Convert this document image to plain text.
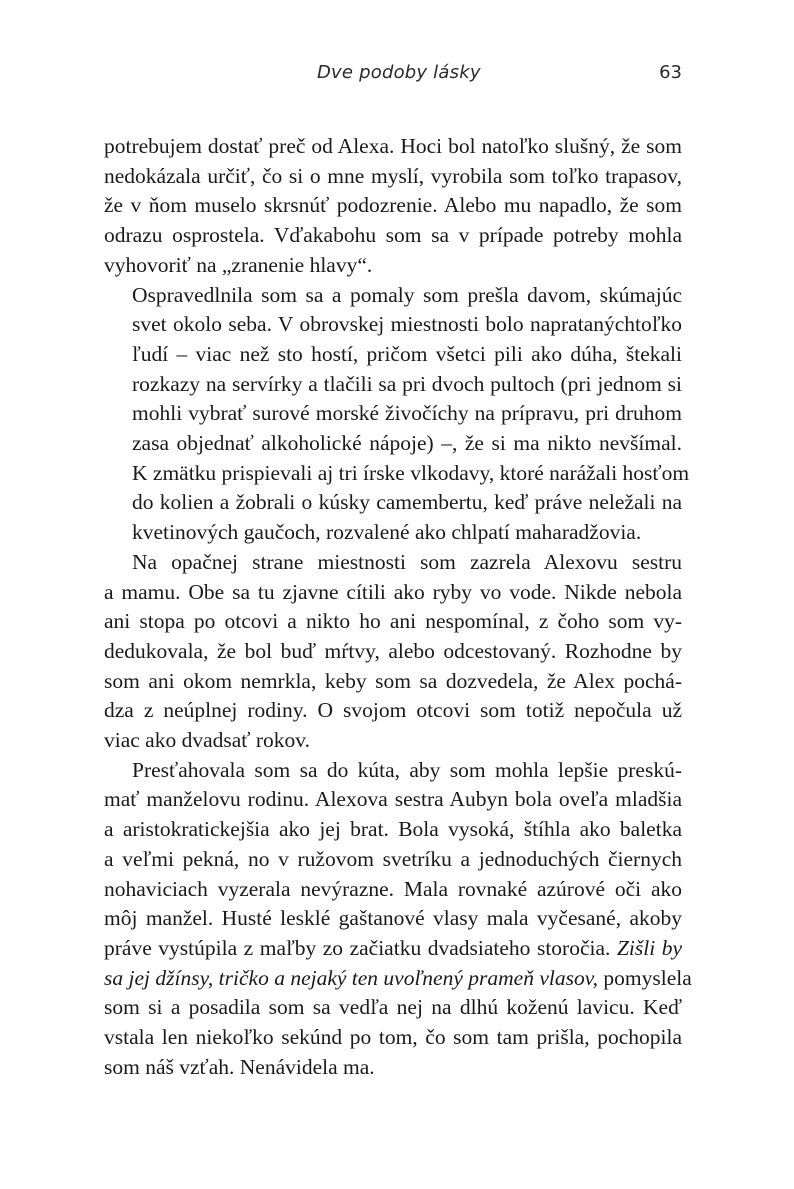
Dve podoby lásky	63

potrebujem dostať preč od Alexa. Hoci bol natoľko slušný, že som
nedokázala určiť, čo si o mne myslí, vyrobila som toľko trapasov,
že v ňom muselo skrsnúť podozrenie. Alebo mu napadlo, že som
odrazu osprostela. Vďakabohu som sa v prípade potreby mohla
vyhovoriť na „zranenie hlavy“.

Ospravedlnila som sa a pomaly som prešla davom, skúmajúc
svet okolo seba. V obrovskej miestnosti bolo napratanýchtoľko
ľudí – viac než sto hostí, pričom všetci pili ako dúha, štekali
rozkazy na servírky a tlačili sa pri dvoch pultoch (pri jednom si
mohli vybrať surové morské živočíchy na prípravu, pri druhom
zasa objednať alkoholické nápoje) –, že si ma nikto nevšímal.
K zmätku prispievali aj tri írske vlkodavy, ktoré narážali hosťom
do kolien a žobrali o kúsky camembertu, keď práve neležali na
kvetinových gaučoch, rozvalené ako chlpatí maharadžovia.

Na opačnej strane miestnosti som zazrela Alexovu sestru
a mamu. Obe sa tu zjavne cítili ako ryby vo vode. Nikde nebola
ani stopa po otcovi a nikto ho ani nespomínal, z čoho som vy-
dedukovala, že bol buď mŕtvy, alebo odcestovaný. Rozhodne by
som ani okom nemrkla, keby som sa dozvedela, že Alex pochá-
dza z neúplnej rodiny. O svojom otcovi som totiž nepočula už
viac ako dvadsať rokov.

Presťahovala som sa do kúta, aby som mohla lepšie preskú-
mať manželovu rodinu. Alexova sestra Aubyn bola oveľa mladšia
a aristokratickejšia ako jej brat. Bola vysoká, štíhla ako baletka
a veľmi pekná, no v ružovom svetríku a jednoduchých čiernych
nohaviciach vyzerala nevýrazne. Mala rovnaké azúrové oči ako
môj manžel. Husté lesklé gaštanové vlasy mala vyčesané, akoby
práve vystúpila z maľby zo začiatku dvadsiateho storočia. Zišli by
sa jej džínsy, tričko a nejaký ten uvoľnený prameň vlasov, pomyslela
som si a posadila som sa vedľa nej na dlhú koženú lavicu. Keď
vstala len niekoľko sekúnd po tom, čo som tam prišla, pochopila
som náš vzťah. Nenávidela ma.
